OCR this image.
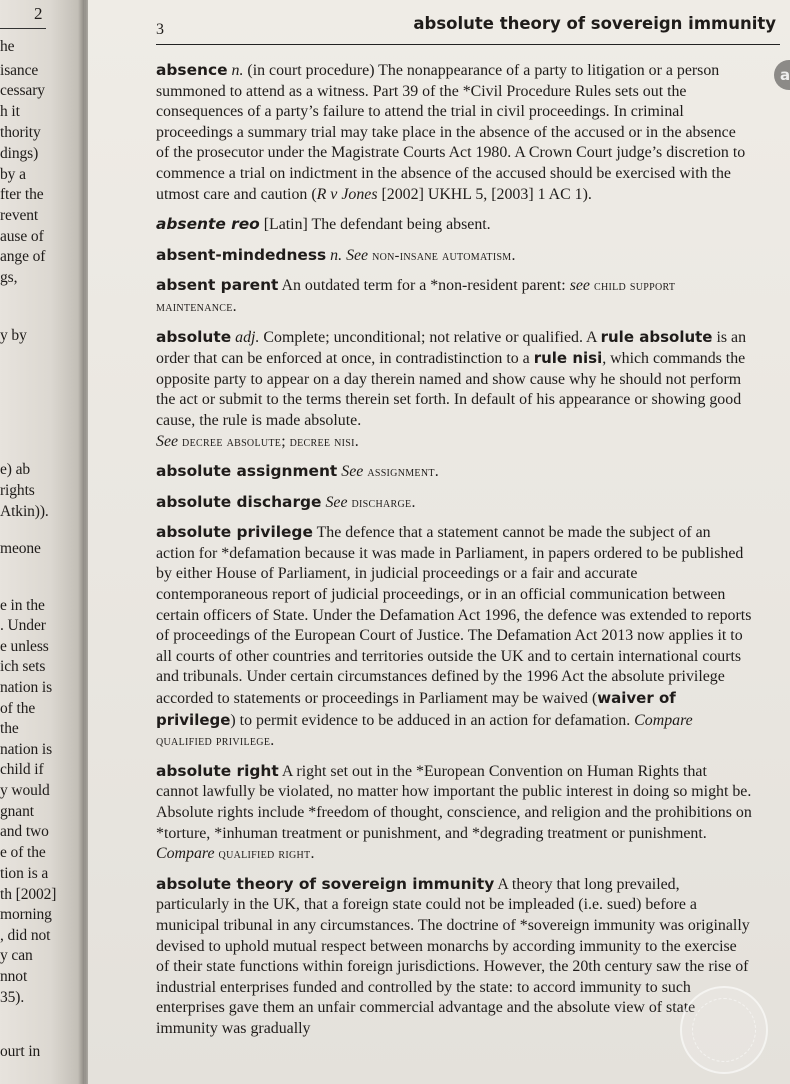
2
he
isance
cessary
h it
thority
dings)
by a
fter the
revent
ause of
ange of
gs,
y by
e) ab
rights
Atkin)).
meone
e in the
. Under
e unless
ich sets
nation is
of the
the
nation is
child if
y would
gnant
and two
e of the
tion is a
th [2002]
morning
, did not
y can
nnot
35).
ourt in
3	absolute theory of sovereign immunity
a

absence n. (in court procedure) The nonappearance of a party to litigation or a person summoned to attend as a witness. Part 39 of the *Civil Procedure Rules sets out the consequences of a party’s failure to attend the trial in civil proceedings. In criminal proceedings a summary trial may take place in the absence of the accused or in the absence of the prosecutor under the Magistrate Courts Act 1980. A Crown Court judge’s discretion to commence a trial on indictment in the absence of the accused should be exercised with the utmost care and caution (R v Jones [2002] UKHL 5, [2003] 1 AC 1).

absente reo [Latin] The defendant being absent.

absent-mindedness n. See non-insane automatism.

absent parent An outdated term for a *non-resident parent: see child support maintenance.

absolute adj. Complete; unconditional; not relative or qualified. A rule absolute is an order that can be enforced at once, in contradistinction to a rule nisi, which commands the opposite party to appear on a day therein named and show cause why he should not perform the act or submit to the terms therein set forth. In default of his appearance or showing good cause, the rule is made absolute.
See decree absolute; decree nisi.

absolute assignment See assignment.

absolute discharge See discharge.

absolute privilege The defence that a statement cannot be made the subject of an action for *defamation because it was made in Parliament, in papers ordered to be published by either House of Parliament, in judicial proceedings or a fair and accurate contemporaneous report of judicial proceedings, or in an official communication between certain officers of State. Under the Defamation Act 1996, the defence was extended to reports of proceedings of the European Court of Justice. The Defamation Act 2013 now applies it to all courts of other countries and territories outside the UK and to certain international courts and tribunals. Under certain circumstances defined by the 1996 Act the absolute privilege accorded to statements or proceedings in Parliament may be waived (waiver of privilege) to permit evidence to be adduced in an action for defamation. Compare qualified privilege.

absolute right A right set out in the *European Convention on Human Rights that cannot lawfully be violated, no matter how important the public interest in doing so might be. Absolute rights include *freedom of thought, conscience, and religion and the prohibitions on *torture, *inhuman treatment or punishment, and *degrading treatment or punishment. Compare qualified right.

absolute theory of sovereign immunity A theory that long prevailed, particularly in the UK, that a foreign state could not be impleaded (i.e. sued) before a municipal tribunal in any circumstances. The doctrine of *sovereign immunity was originally devised to uphold mutual respect between monarchs by according immunity to the exercise of their state functions within foreign jurisdictions. However, the 20th century saw the rise of industrial enterprises funded and controlled by the state: to accord immunity to such enterprises gave them an unfair commercial advantage and the absolute view of state immunity was gradually
